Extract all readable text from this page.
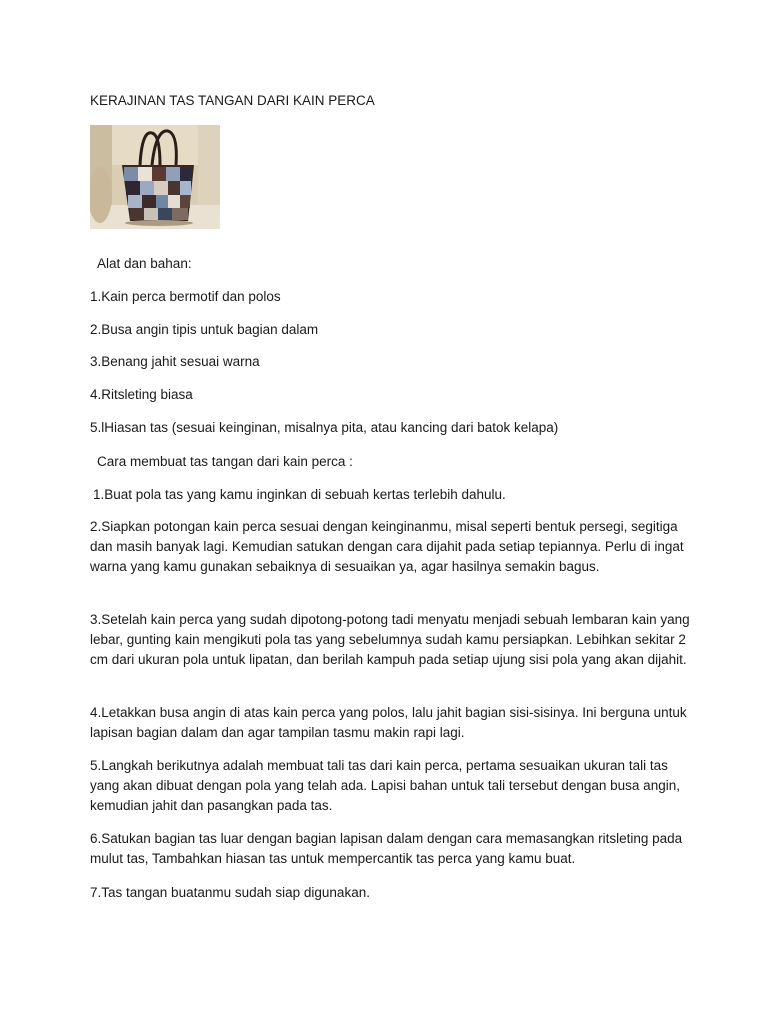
KERAJINAN TAS TANGAN DARI KAIN PERCA

Alat dan bahan:

1.Kain perca bermotif dan polos

2.Busa angin tipis untuk bagian dalam

3.Benang jahit sesuai warna

4.Ritsleting biasa

5.lHiasan tas (sesuai keinginan, misalnya pita, atau kancing dari batok kelapa)

Cara membuat tas tangan dari kain perca :

1.Buat pola tas yang kamu inginkan di sebuah kertas terlebih dahulu.

2.Siapkan potongan kain perca sesuai dengan keinginanmu, misal seperti bentuk persegi, segitiga dan masih banyak lagi. Kemudian satukan dengan cara dijahit pada setiap tepiannya. Perlu di ingat warna yang kamu gunakan sebaiknya di sesuaikan ya, agar hasilnya semakin bagus.

3.Setelah kain perca yang sudah dipotong-potong tadi menyatu menjadi sebuah lembaran kain yang lebar, gunting kain mengikuti pola tas yang sebelumnya sudah kamu persiapkan. Lebihkan sekitar 2 cm dari ukuran pola untuk lipatan, dan berilah kampuh pada setiap ujung sisi pola yang akan dijahit.

4.Letakkan busa angin di atas kain perca yang polos, lalu jahit bagian sisi-sisinya. Ini berguna untuk lapisan bagian dalam dan agar tampilan tasmu makin rapi lagi.

5.Langkah berikutnya adalah membuat tali tas dari kain perca, pertama sesuaikan ukuran tali tas yang akan dibuat dengan pola yang telah ada. Lapisi bahan untuk tali tersebut dengan busa angin, kemudian jahit dan pasangkan pada tas.

6.Satukan bagian tas luar dengan bagian lapisan dalam dengan cara memasangkan ritsleting pada mulut tas, Tambahkan hiasan tas untuk mempercantik tas perca yang kamu buat.

7.Tas tangan buatanmu sudah siap digunakan.
